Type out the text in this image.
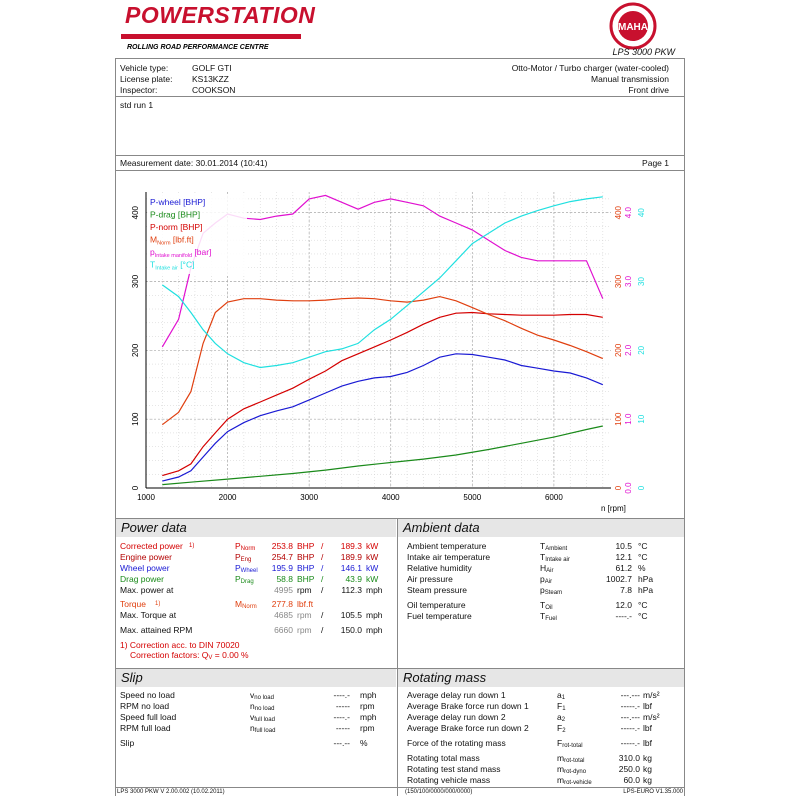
POWERSTATION
ROLLING ROAD PERFORMANCE CENTRE
MAHA
LPS 3000 PKW
Vehicle type:	GOLF GTI
License plate: KS13KZZ
Inspector:	COOKSON
Otto-Motor / Turbo charger (water-cooled)
Manual transmission
Front drive
std run 1
Measurement date: 30.01.2014 (10:41)	Page 1
1000	2000	3000	4000	5000	6000
n [rpm]
0
100
200
300
400
0
100
200
300
400
0.0
1.0
2.0
3.0
4.0
0
10
20
30
40
P-wheel [BHP]
P-drag [BHP]
P-norm [BHP]
$M_{Norm}$ [lbf.ft]
$p_{Intake manifold}$ [bar]
$T_{Intake air}$ [°C]
Power data	Ambient data
Slip	Rotating mass
LPS 3000 PKW V 2.00.002 (10.02.2011)	(150/100/0000/000/0000)	LPS-EURO V1.35.000
Corrected power	1)	$P_{Norm}$	253.8 BHP /	189.3 kW
Engine power	$P_{Eng}$	254.7 BHP /	189.9 kW
Wheel power	$P_{Wheel}$	195.9 BHP /	146.1 kW
Drag power	$P_{Drag}$	58.8 BHP /	43.9 kW
Max. power at	4995 rpm	/	112.3 mph
Torque	1)	$M_{Norm}$	277.8 lbf.ft
Max. Torque at	4685 rpm	/	105.5 mph
Max. attained RPM	6660 rpm	/	150.0 mph
1) Correction acc. to DIN 70020
Correction factors: $Q_V = 0.00$ %
Ambient temperature	$T_{Ambient}$	10.5 °C
Intake air temperature	$T_{Intake air}$	12.1 °C
Relative humidity	$H_{Air}$	61.2 %
Air pressure	$p_{Air}$	1002.7 hPa
Steam pressure	$p_{Steam}$	7.8 hPa
Oil temperature	$T_{Oil}$	12.0 °C
Fuel temperature	$T_{Fuel}$	----.- °C
Speed no load	$v_{no load}$	----.- mph
RPM no load	$n_{no load}$	----- rpm
Speed full load	$v_{full load}$	----.- mph
RPM full load	$n_{full load}$	----- rpm
Slip	---.-- %
Average delay run down 1	$a_1$	---.--- m/s²
Average Brake force run down 1	$F_1$	-----.- lbf
Average delay run down 2	$a_2$	---.--- m/s²
Average Brake force run down 2	$F_2$	-----.- lbf
Force of the rotating mass	$F_{rot-total}$	-----.- lbf
Rotating total mass	$m_{rot-total}$	310.0 kg
Rotating test stand mass	$m_{rot-dyno}$	250.0 kg
Rotating vehicle mass	$m_{rot-vehicle}$	60.0 kg
